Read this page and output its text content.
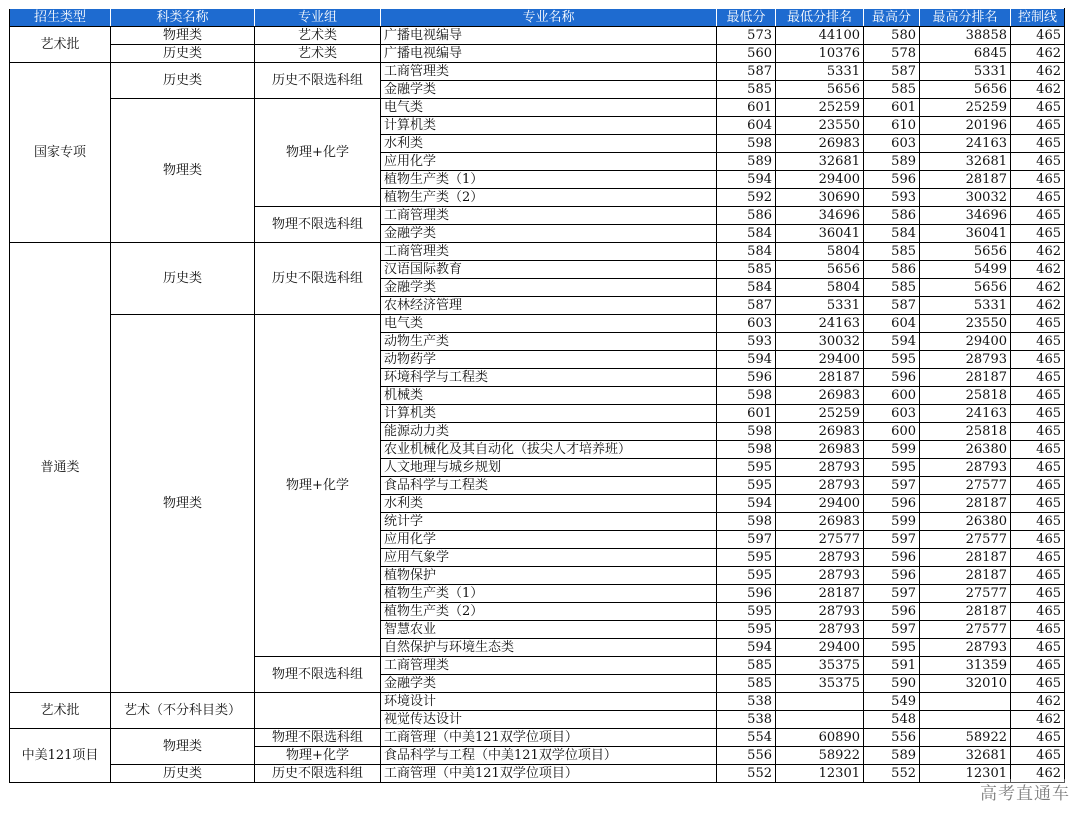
招生类型	科类名称	专业组	专业名称	最低分	最低分排名	最高分	最高分排名	控制线
艺术批	物理类	艺术类	广播电视编导	573	44100	580	38858	465
	历史类	艺术类	广播电视编导	560	10376	578	6845	462
国家专项	历史类	历史不限选科组	工商管理类	587	5331	587	5331	462
			金融学类	585	5656	585	5656	462
	物理类	物理+化学	电气类	601	25259	601	25259	465
			计算机类	604	23550	610	20196	465
			水利类	598	26983	603	24163	465
			应用化学	589	32681	589	32681	465
			植物生产类（1）	594	29400	596	28187	465
			植物生产类（2）	592	30690	593	30032	465
		物理不限选科组	工商管理类	586	34696	586	34696	465
			金融学类	584	36041	584	36041	465
普通类	历史类	历史不限选科组	工商管理类	584	5804	585	5656	462
			汉语国际教育	585	5656	586	5499	462
			金融学类	584	5804	585	5656	462
			农林经济管理	587	5331	587	5331	462
	物理类	物理+化学	电气类	603	24163	604	23550	465
			动物生产类	593	30032	594	29400	465
			动物药学	594	29400	595	28793	465
			环境科学与工程类	596	28187	596	28187	465
			机械类	598	26983	600	25818	465
			计算机类	601	25259	603	24163	465
			能源动力类	598	26983	600	25818	465
			农业机械化及其自动化（拔尖人才培养班）	598	26983	599	26380	465
			人文地理与城乡规划	595	28793	595	28793	465
			食品科学与工程类	595	28793	597	27577	465
			水利类	594	29400	596	28187	465
			统计学	598	26983	599	26380	465
			应用化学	597	27577	597	27577	465
			应用气象学	595	28793	596	28187	465
			植物保护	595	28793	596	28187	465
			植物生产类（1）	596	28187	597	27577	465
			植物生产类（2）	595	28793	596	28187	465
			智慧农业	595	28793	597	27577	465
			自然保护与环境生态类	594	29400	595	28793	465
		物理不限选科组	工商管理类	585	35375	591	31359	465
			金融学类	585	35375	590	32010	465
艺术批	艺术（不分科目类）		环境设计	538		549		462
			视觉传达设计	538		548		462
中美121项目	物理类	物理不限选科组	工商管理（中美121双学位项目）	554	60890	556	58922	465
		物理+化学	食品科学与工程（中美121双学位项目）	556	58922	589	32681	465
	历史类	历史不限选科组	工商管理（中美121双学位项目）	552	12301	552	12301	462
高考直通车
